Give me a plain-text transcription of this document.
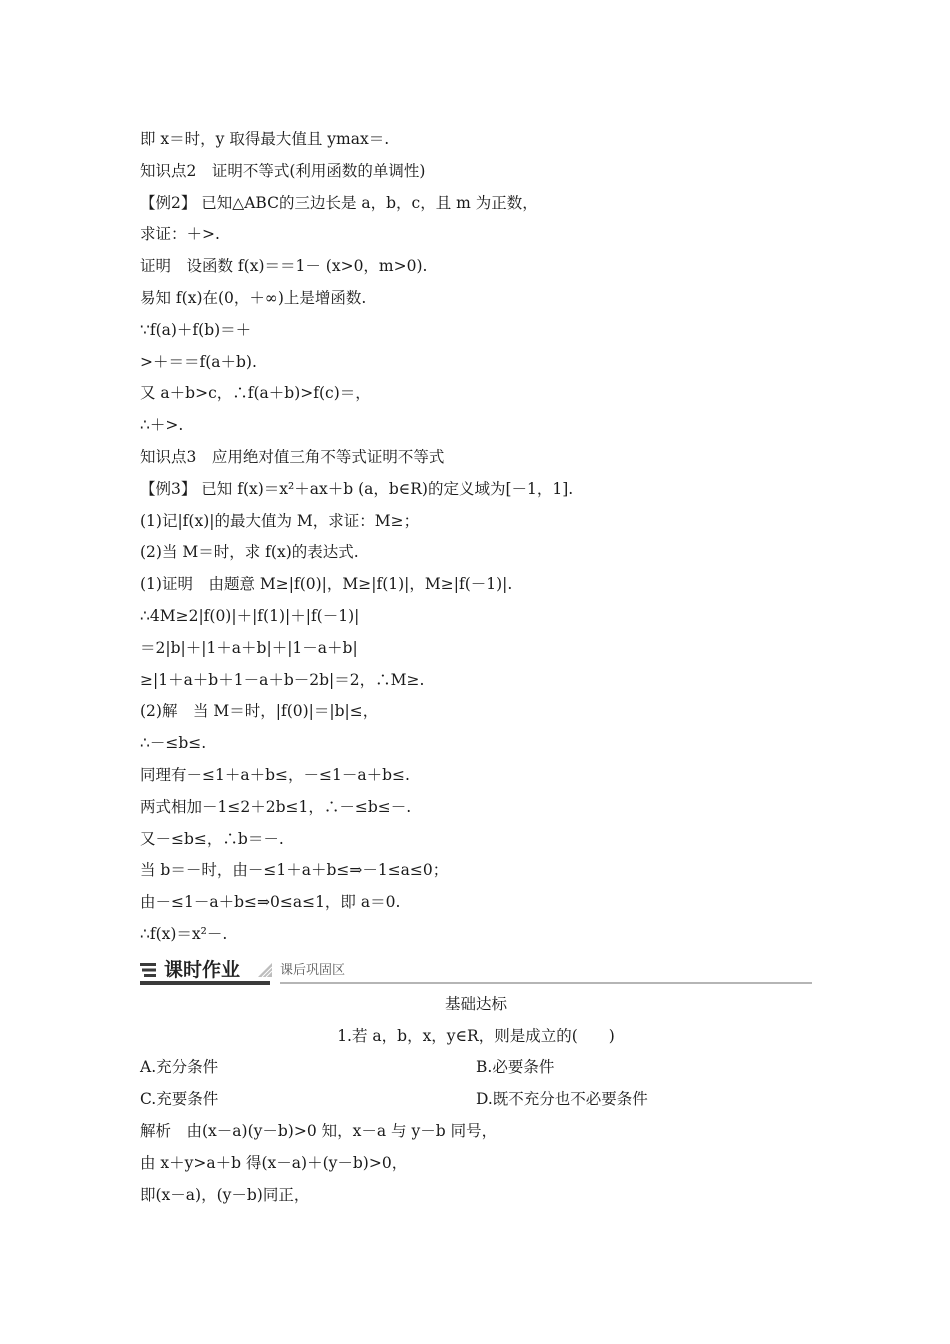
即 x＝时，y 取得最大值且 ymax＝.
知识点2　证明不等式(利用函数的单调性)
【例2】 已知△ABC的三边长是 a，b，c，且 m 为正数，
求证：＋>.
证明　设函数 f(x)＝＝1－ (x>0，m>0).
易知 f(x)在(0，＋∞)上是增函数.
∵f(a)＋f(b)＝＋
>＋＝＝f(a＋b).
又 a＋b>c，∴f(a＋b)>f(c)＝，
∴＋>.
知识点3　应用绝对值三角不等式证明不等式
【例3】 已知 f(x)＝x²＋ax＋b (a，b∈R)的定义域为[－1，1].
(1)记|f(x)|的最大值为 M，求证：M≥；
(2)当 M＝时，求 f(x)的表达式.
(1)证明　由题意 M≥|f(0)|，M≥|f(1)|，M≥|f(－1)|.
∴4M≥2|f(0)|＋|f(1)|＋|f(－1)|
＝2|b|＋|1＋a＋b|＋|1－a＋b|
≥|1＋a＋b＋1－a＋b－2b|＝2，∴M≥.
(2)解　当 M＝时，|f(0)|＝|b|≤，
∴－≤b≤.
同理有－≤1＋a＋b≤，－≤1－a＋b≤.
两式相加－1≤2＋2b≤1，∴－≤b≤－.
又－≤b≤，∴b＝－.
当 b＝－时，由－≤1＋a＋b≤⇒－1≤a≤0；
由－≤1－a＋b≤⇒0≤a≤1，即 a＝0.
∴f(x)＝x²－.
课时作业	课后巩固区
基础达标
1.若 a，b，x，y∈R，则是成立的(　　)
A.充分条件	B.必要条件
C.充要条件	D.既不充分也不必要条件
解析　由(x－a)(y－b)>0 知，x－a 与 y－b 同号，
由 x＋y>a＋b 得(x－a)＋(y－b)>0，
即(x－a)，(y－b)同正，
